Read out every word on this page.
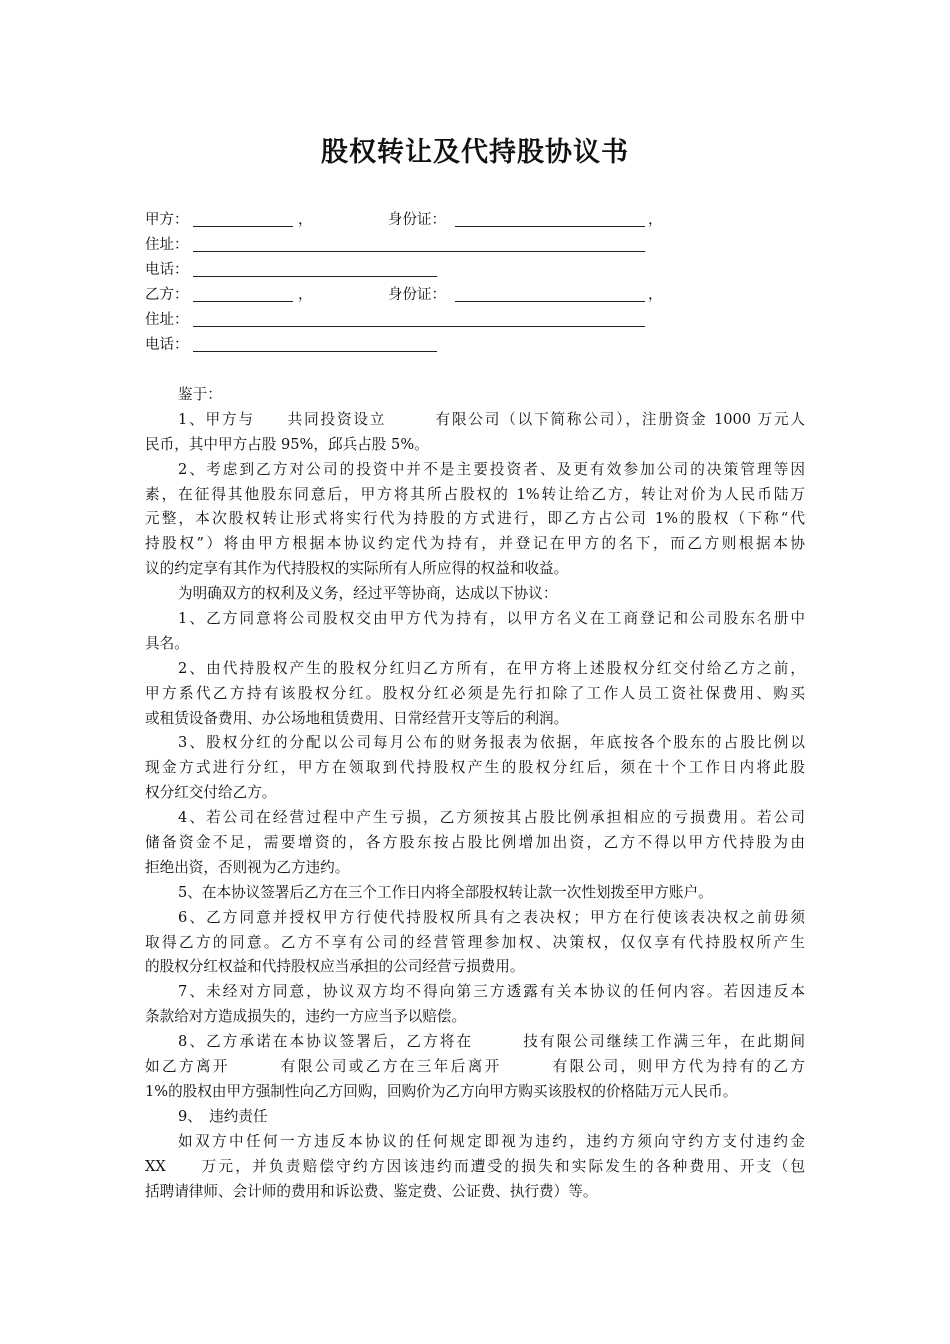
股权转让及代持股协议书
甲方：	，	身份证：	，
住址：
电话：
乙方：	，	身份证：	，
住址：
电话：
鉴于：
1、甲方与　　共同投资设立　　　有限公司（以下简称公司），注册资金 1000 万元人
民币，其中甲方占股 95%，邱兵占股 5%。
2、考虑到乙方对公司的投资中并不是主要投资者、及更有效参加公司的决策管理等因
素，在征得其他股东同意后，甲方将其所占股权的 1%转让给乙方，转让对价为人民币陆万
元整，本次股权转让形式将实行代为持股的方式进行，即乙方占公司 1%的股权（下称“代
持股权”）将由甲方根据本协议约定代为持有，并登记在甲方的名下，而乙方则根据本协
议的约定享有其作为代持股权的实际所有人所应得的权益和收益。
为明确双方的权利及义务，经过平等协商，达成以下协议：
1、乙方同意将公司股权交由甲方代为持有，以甲方名义在工商登记和公司股东名册中
具名。
2、由代持股权产生的股权分红归乙方所有，在甲方将上述股权分红交付给乙方之前，
甲方系代乙方持有该股权分红。股权分红必须是先行扣除了工作人员工资社保费用、购买
或租赁设备费用、办公场地租赁费用、日常经营开支等后的利润。
3、股权分红的分配以公司每月公布的财务报表为依据，年底按各个股东的占股比例以
现金方式进行分红，甲方在领取到代持股权产生的股权分红后，须在十个工作日内将此股
权分红交付给乙方。
4、若公司在经营过程中产生亏损，乙方须按其占股比例承担相应的亏损费用。若公司
储备资金不足，需要增资的，各方股东按占股比例增加出资，乙方不得以甲方代持股为由
拒绝出资，否则视为乙方违约。
5、在本协议签署后乙方在三个工作日内将全部股权转让款一次性划拨至甲方账户。
6、乙方同意并授权甲方行使代持股权所具有之表决权；甲方在行使该表决权之前毋须
取得乙方的同意。乙方不享有公司的经营管理参加权、决策权，仅仅享有代持股权所产生
的股权分红权益和代持股权应当承担的公司经营亏损费用。
7、未经对方同意，协议双方均不得向第三方透露有关本协议的任何内容。若因违反本
条款给对方造成损失的，违约一方应当予以赔偿。
8、乙方承诺在本协议签署后，乙方将在　　　技有限公司继续工作满三年，在此期间
如乙方离开　　　有限公司或乙方在三年后离开　　　有限公司，则甲方代为持有的乙方
1%的股权由甲方强制性向乙方回购，回购价为乙方向甲方购买该股权的价格陆万元人民币。
9、　违约责任
如双方中任何一方违反本协议的任何规定即视为违约，违约方须向守约方支付违约金
XX　　万元，并负责赔偿守约方因该违约而遭受的损失和实际发生的各种费用、开支（包
括聘请律师、会计师的费用和诉讼费、鉴定费、公证费、执行费）等。
